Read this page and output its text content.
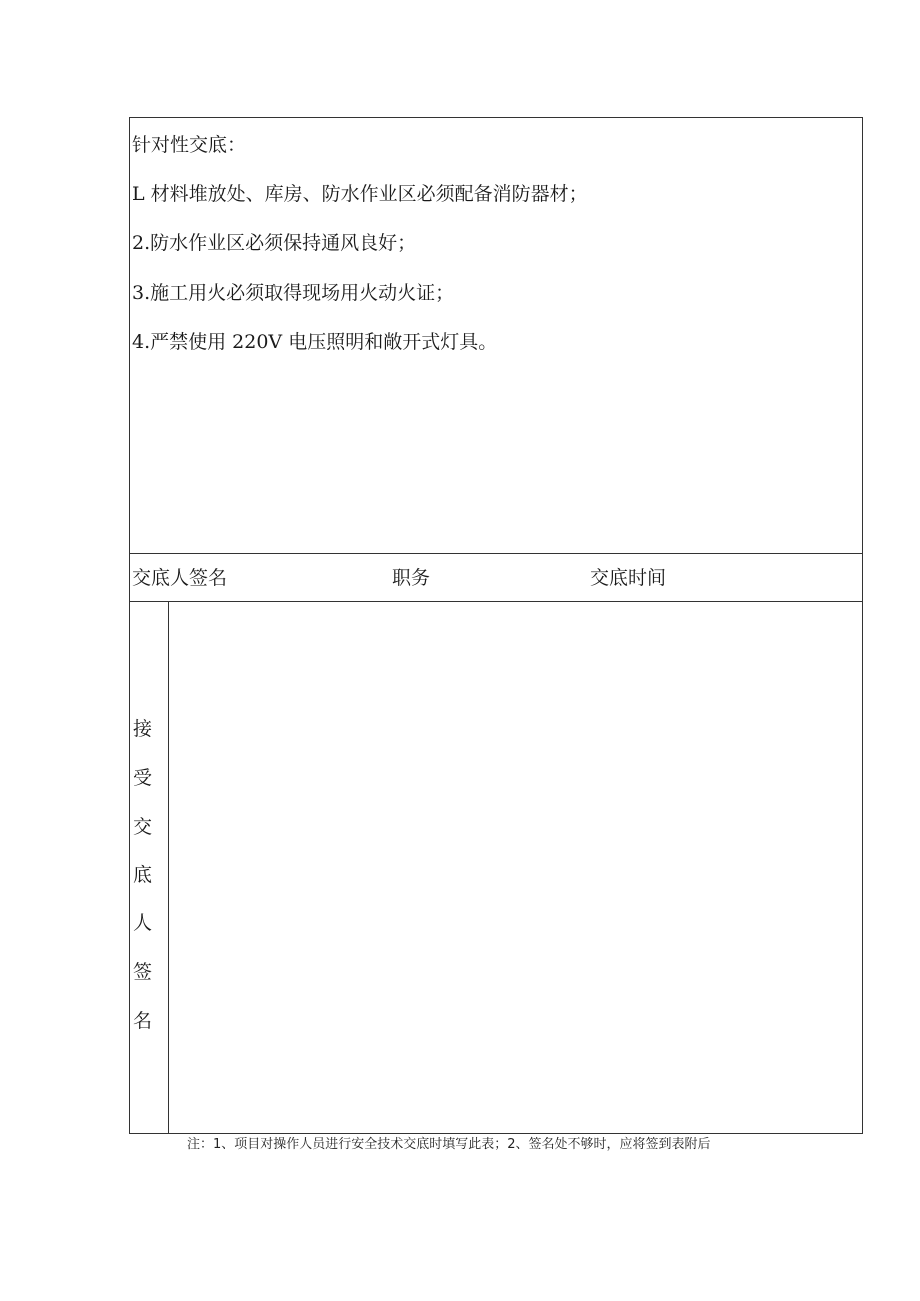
针对性交底：
L 材料堆放处、库房、防水作业区必须配备消防器材；
2.防水作业区必须保持通风良好；
3.施工用火必须取得现场用火动火证；
4.严禁使用 220V 电压照明和敞开式灯具。
交底人签名	职务	交底时间
接
受
交
底
人
签
名
注：1、项目对操作人员进行安全技术交底时填写此表；2、签名处不够时，应将签到表附后
